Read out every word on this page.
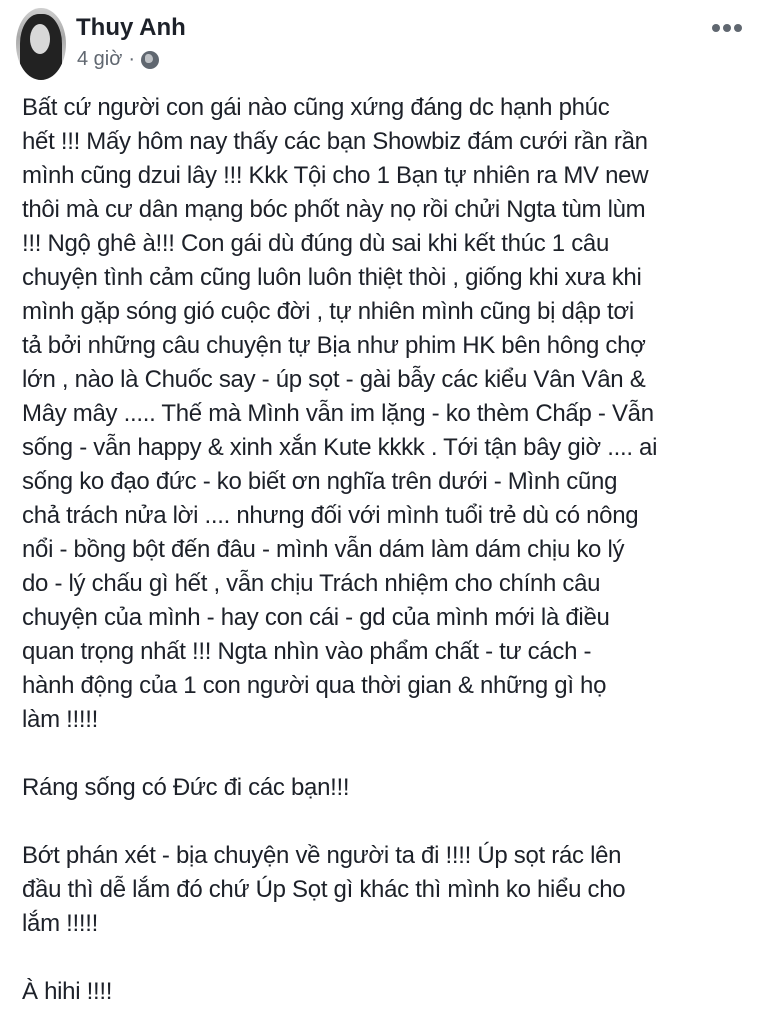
Thuy Anh
4 giờ ·
Bất cứ người con gái nào cũng xứng đáng dc hạnh phúc
hết !!! Mấy hôm nay thấy các bạn Showbiz đám cưới rần rần
mình cũng dzui lây !!! Kkk Tội cho 1 Bạn tự nhiên ra MV new
thôi mà cư dân mạng bóc phốt này nọ rồi chửi Ngta tùm lùm
!!! Ngộ ghê à!!! Con gái dù đúng dù sai khi kết thúc 1 câu
chuyện tình cảm cũng luôn luôn thiệt thòi , giống khi xưa khi
mình gặp sóng gió cuộc đời , tự nhiên mình cũng bị dập tơi
tả bởi những câu chuyện tự Bịa như phim HK bên hông chợ
lớn , nào là Chuốc say - úp sọt - gài bẫy các kiểu Vân Vân &
Mây mây ..... Thế mà Mình vẫn im lặng - ko thèm Chấp - Vẫn
sống - vẫn happy & xinh xắn Kute kkkk . Tới tận bây giờ .... ai
sống ko đạo đức - ko biết ơn nghĩa trên dưới - Mình cũng
chả trách nửa lời .... nhưng đối với mình tuổi trẻ dù có nông
nổi - bồng bột đến đâu - mình vẫn dám làm dám chịu ko lý
do - lý chấu gì hết , vẫn chịu Trách nhiệm cho chính câu
chuyện của mình - hay con cái - gd của mình mới là điều
quan trọng nhất !!! Ngta nhìn vào phẩm chất - tư cách -
hành động của 1 con người qua thời gian & những gì họ
làm !!!!!
Ráng sống có Đức đi các bạn!!!
Bớt phán xét - bịa chuyện về người ta đi !!!! Úp sọt rác lên
đầu thì dễ lắm đó chứ Úp Sọt gì khác thì mình ko hiểu cho
lắm !!!!!
À hihi !!!!
